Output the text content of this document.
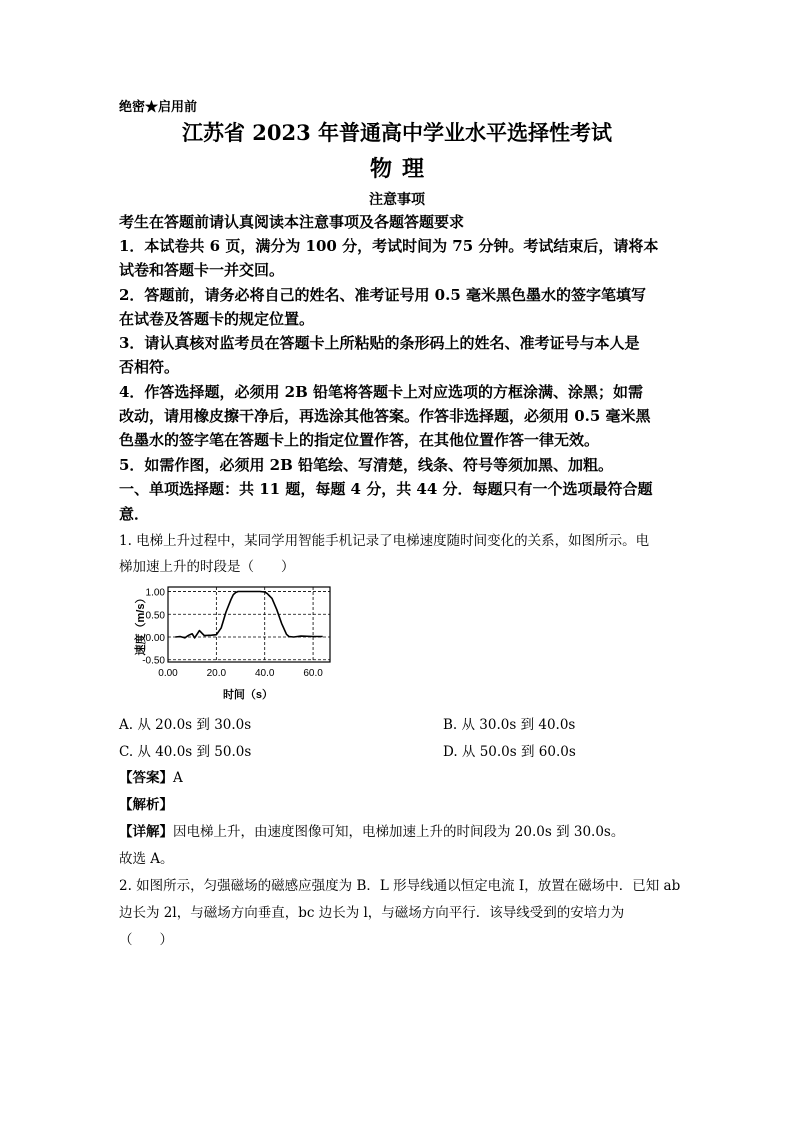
绝密★启用前
江苏省 2023 年普通高中学业水平选择性考试
物理
注意事项
考生在答题前请认真阅读本注意事项及各题答题要求
1．本试卷共 6 页，满分为 100 分，考试时间为 75 分钟。考试结束后，请将本
试卷和答题卡一并交回。
2．答题前，请务必将自己的姓名、准考证号用 0.5 毫米黑色墨水的签字笔填写
在试卷及答题卡的规定位置。
3．请认真核对监考员在答题卡上所粘贴的条形码上的姓名、准考证号与本人是
否相符。
4．作答选择题，必须用 2B 铅笔将答题卡上对应选项的方框涂满、涂黑；如需
改动，请用橡皮擦干净后，再选涂其他答案。作答非选择题，必须用 0.5 毫米黑
色墨水的签字笔在答题卡上的指定位置作答，在其他位置作答一律无效。
5．如需作图，必须用 2B 铅笔绘、写清楚，线条、符号等须加黑、加粗。
一、单项选择题：共 11 题，每题 4 分，共 44 分．每题只有一个选项最符合题
意．
1. 电梯上升过程中，某同学用智能手机记录了电梯速度随时间变化的关系，如图所示。电
梯加速上升的时段是（　　）
速度（m/s）
1.00
0.50
0.00
-0.50
0.00	20.0	40.0	60.0
时间（s）
A. 从 20.0s 到 30.0s	B. 从 30.0s 到 40.0s
C. 从 40.0s 到 50.0s	D. 从 50.0s 到 60.0s
【答案】A
【解析】
【详解】因电梯上升，由速度图像可知，电梯加速上升的时间段为 20.0s 到 30.0s。
故选 A。
2. 如图所示，匀强磁场的磁感应强度为 B．L 形导线通以恒定电流 I，放置在磁场中．已知 ab
边长为 2l，与磁场方向垂直，bc 边长为 l，与磁场方向平行．该导线受到的安培力为
（　　）
